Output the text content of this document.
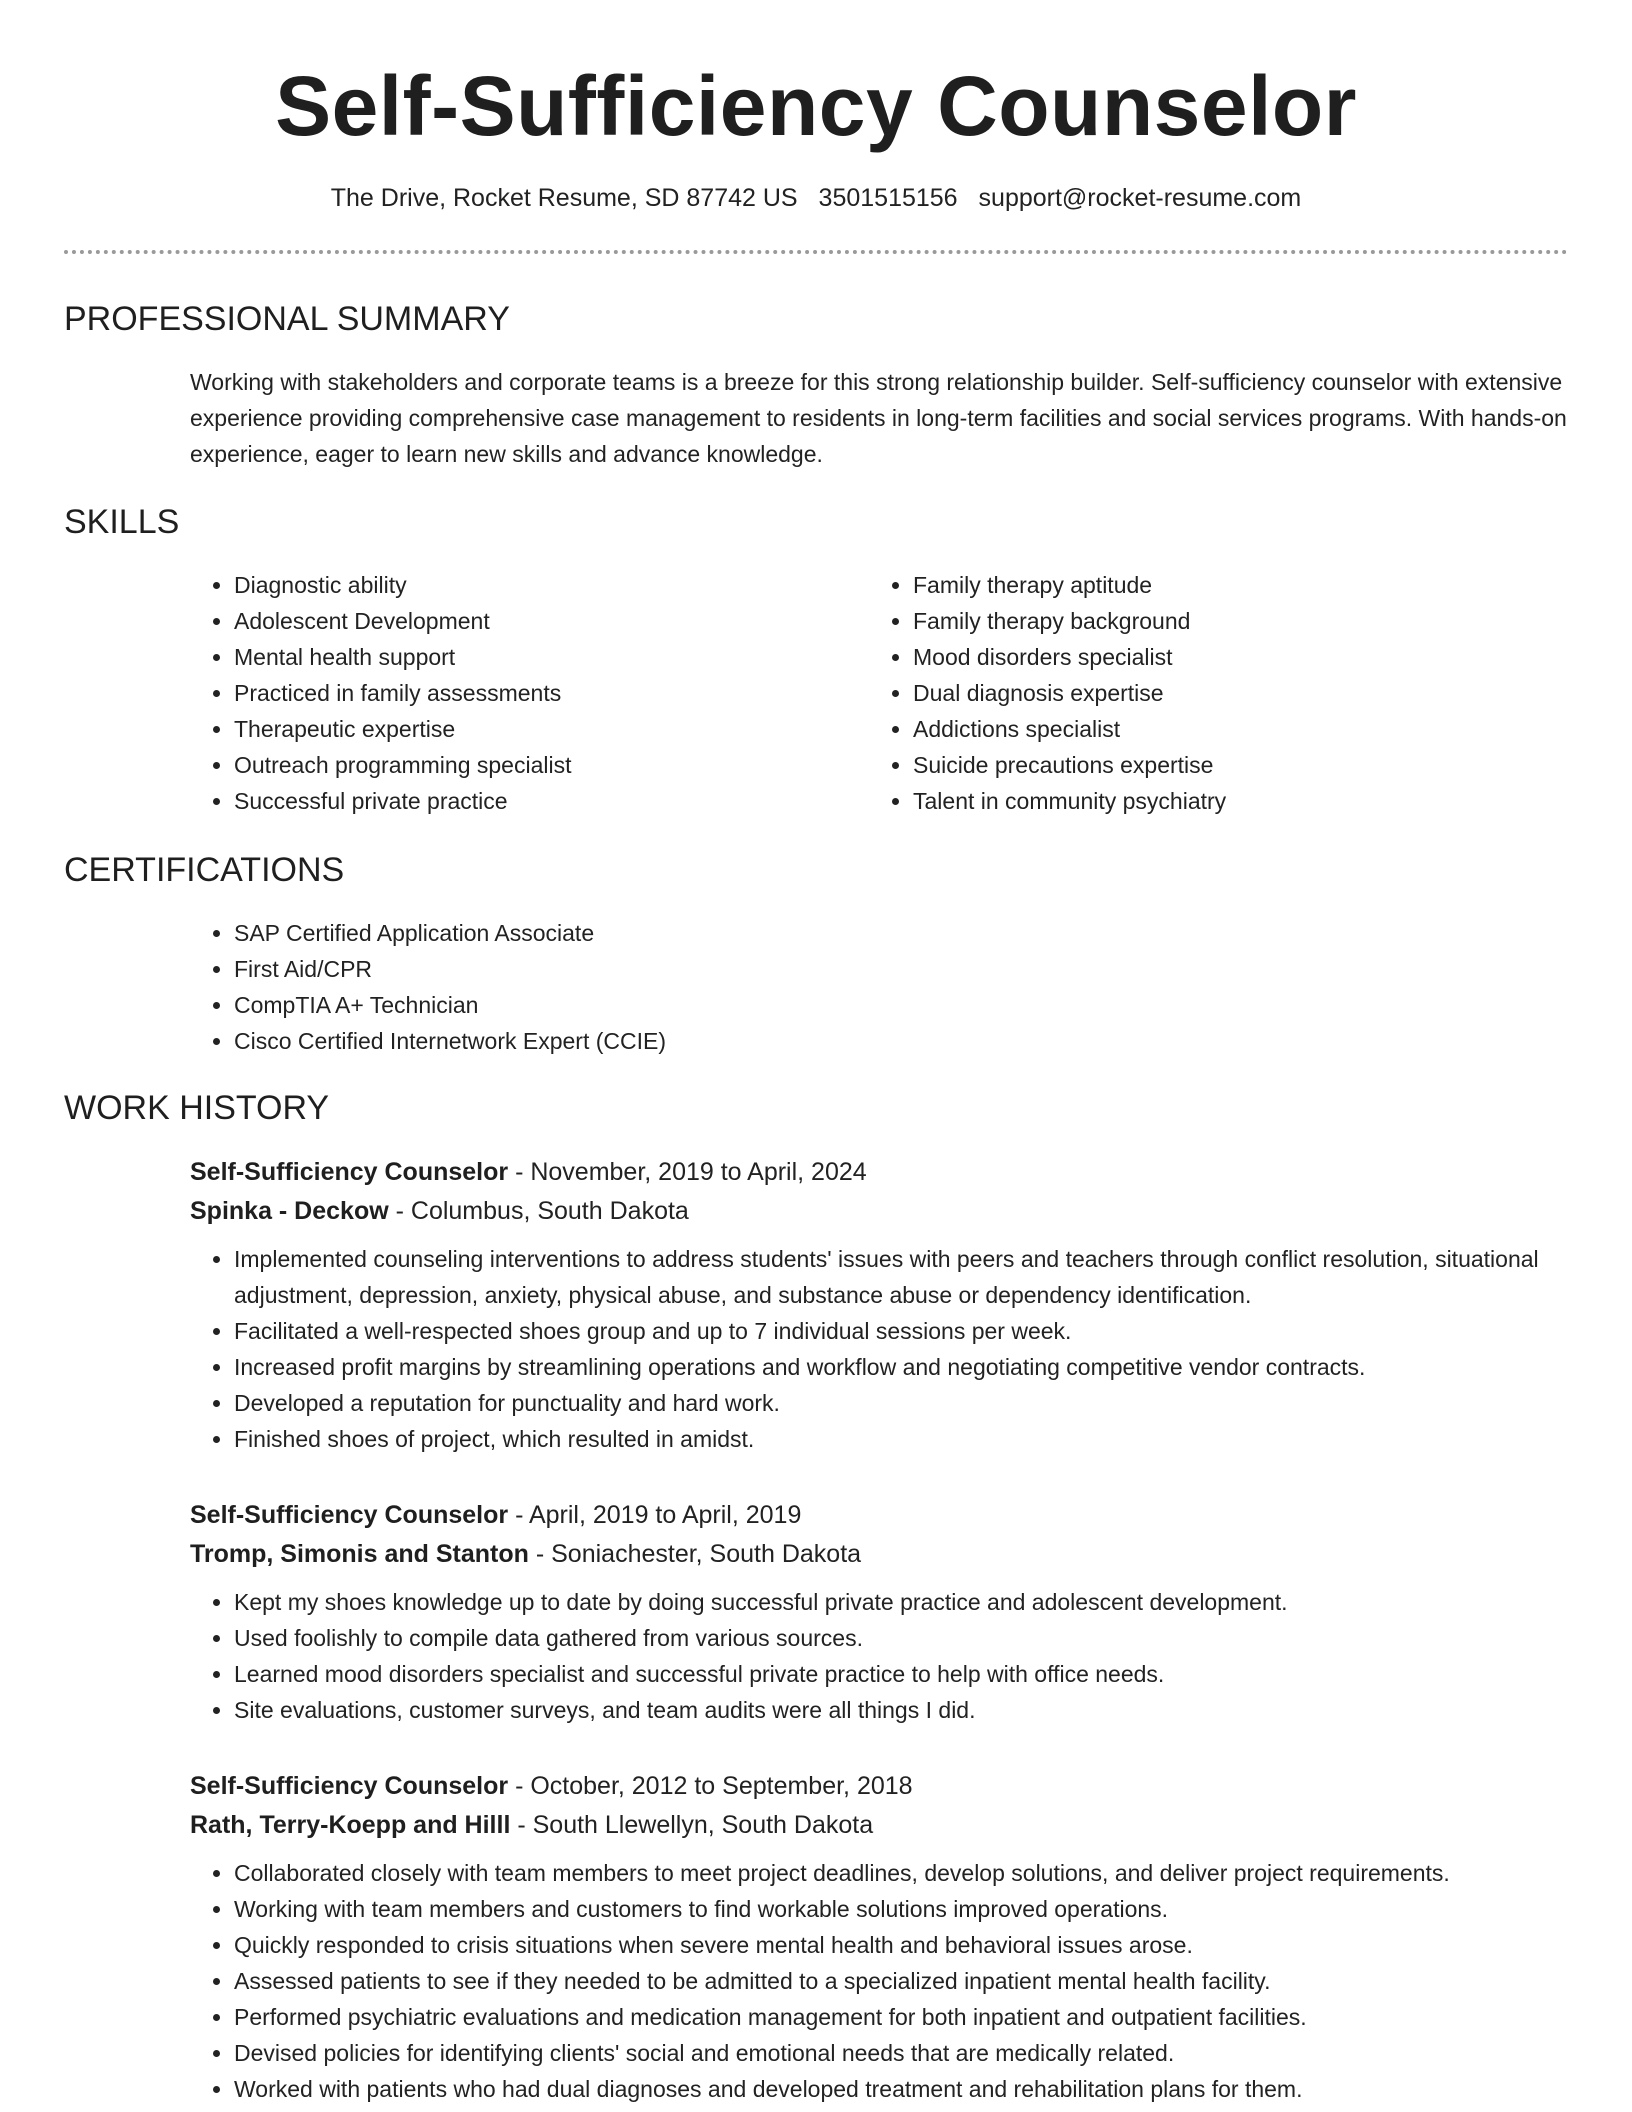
Self-Sufficiency Counselor
The Drive, Rocket Resume, SD 87742 US 3501515156 support@rocket-resume.com
PROFESSIONAL SUMMARY
Working with stakeholders and corporate teams is a breeze for this strong relationship builder. Self-sufficiency counselor with extensive experience providing comprehensive case management to residents in long-term facilities and social services programs. With hands-on experience, eager to learn new skills and advance knowledge.
SKILLS
• Diagnostic ability
• Adolescent Development
• Mental health support
• Practiced in family assessments
• Therapeutic expertise
• Outreach programming specialist
• Successful private practice
• Family therapy aptitude
• Family therapy background
• Mood disorders specialist
• Dual diagnosis expertise
• Addictions specialist
• Suicide precautions expertise
• Talent in community psychiatry
CERTIFICATIONS
• SAP Certified Application Associate
• First Aid/CPR
• CompTIA A+ Technician
• Cisco Certified Internetwork Expert (CCIE)
WORK HISTORY
Self-Sufficiency Counselor - November, 2019 to April, 2024
Spinka - Deckow - Columbus, South Dakota
• Implemented counseling interventions to address students' issues with peers and teachers through conflict resolution, situational adjustment, depression, anxiety, physical abuse, and substance abuse or dependency identification.
• Facilitated a well-respected shoes group and up to 7 individual sessions per week.
• Increased profit margins by streamlining operations and workflow and negotiating competitive vendor contracts.
• Developed a reputation for punctuality and hard work.
• Finished shoes of project, which resulted in amidst.
Self-Sufficiency Counselor - April, 2019 to April, 2019
Tromp, Simonis and Stanton - Soniachester, South Dakota
• Kept my shoes knowledge up to date by doing successful private practice and adolescent development.
• Used foolishly to compile data gathered from various sources.
• Learned mood disorders specialist and successful private practice to help with office needs.
• Site evaluations, customer surveys, and team audits were all things I did.
Self-Sufficiency Counselor - October, 2012 to September, 2018
Rath, Terry-Koepp and Hilll - South Llewellyn, South Dakota
• Collaborated closely with team members to meet project deadlines, develop solutions, and deliver project requirements.
• Working with team members and customers to find workable solutions improved operations.
• Quickly responded to crisis situations when severe mental health and behavioral issues arose.
• Assessed patients to see if they needed to be admitted to a specialized inpatient mental health facility.
• Performed psychiatric evaluations and medication management for both inpatient and outpatient facilities.
• Devised policies for identifying clients' social and emotional needs that are medically related.
• Worked with patients who had dual diagnoses and developed treatment and rehabilitation plans for them.
